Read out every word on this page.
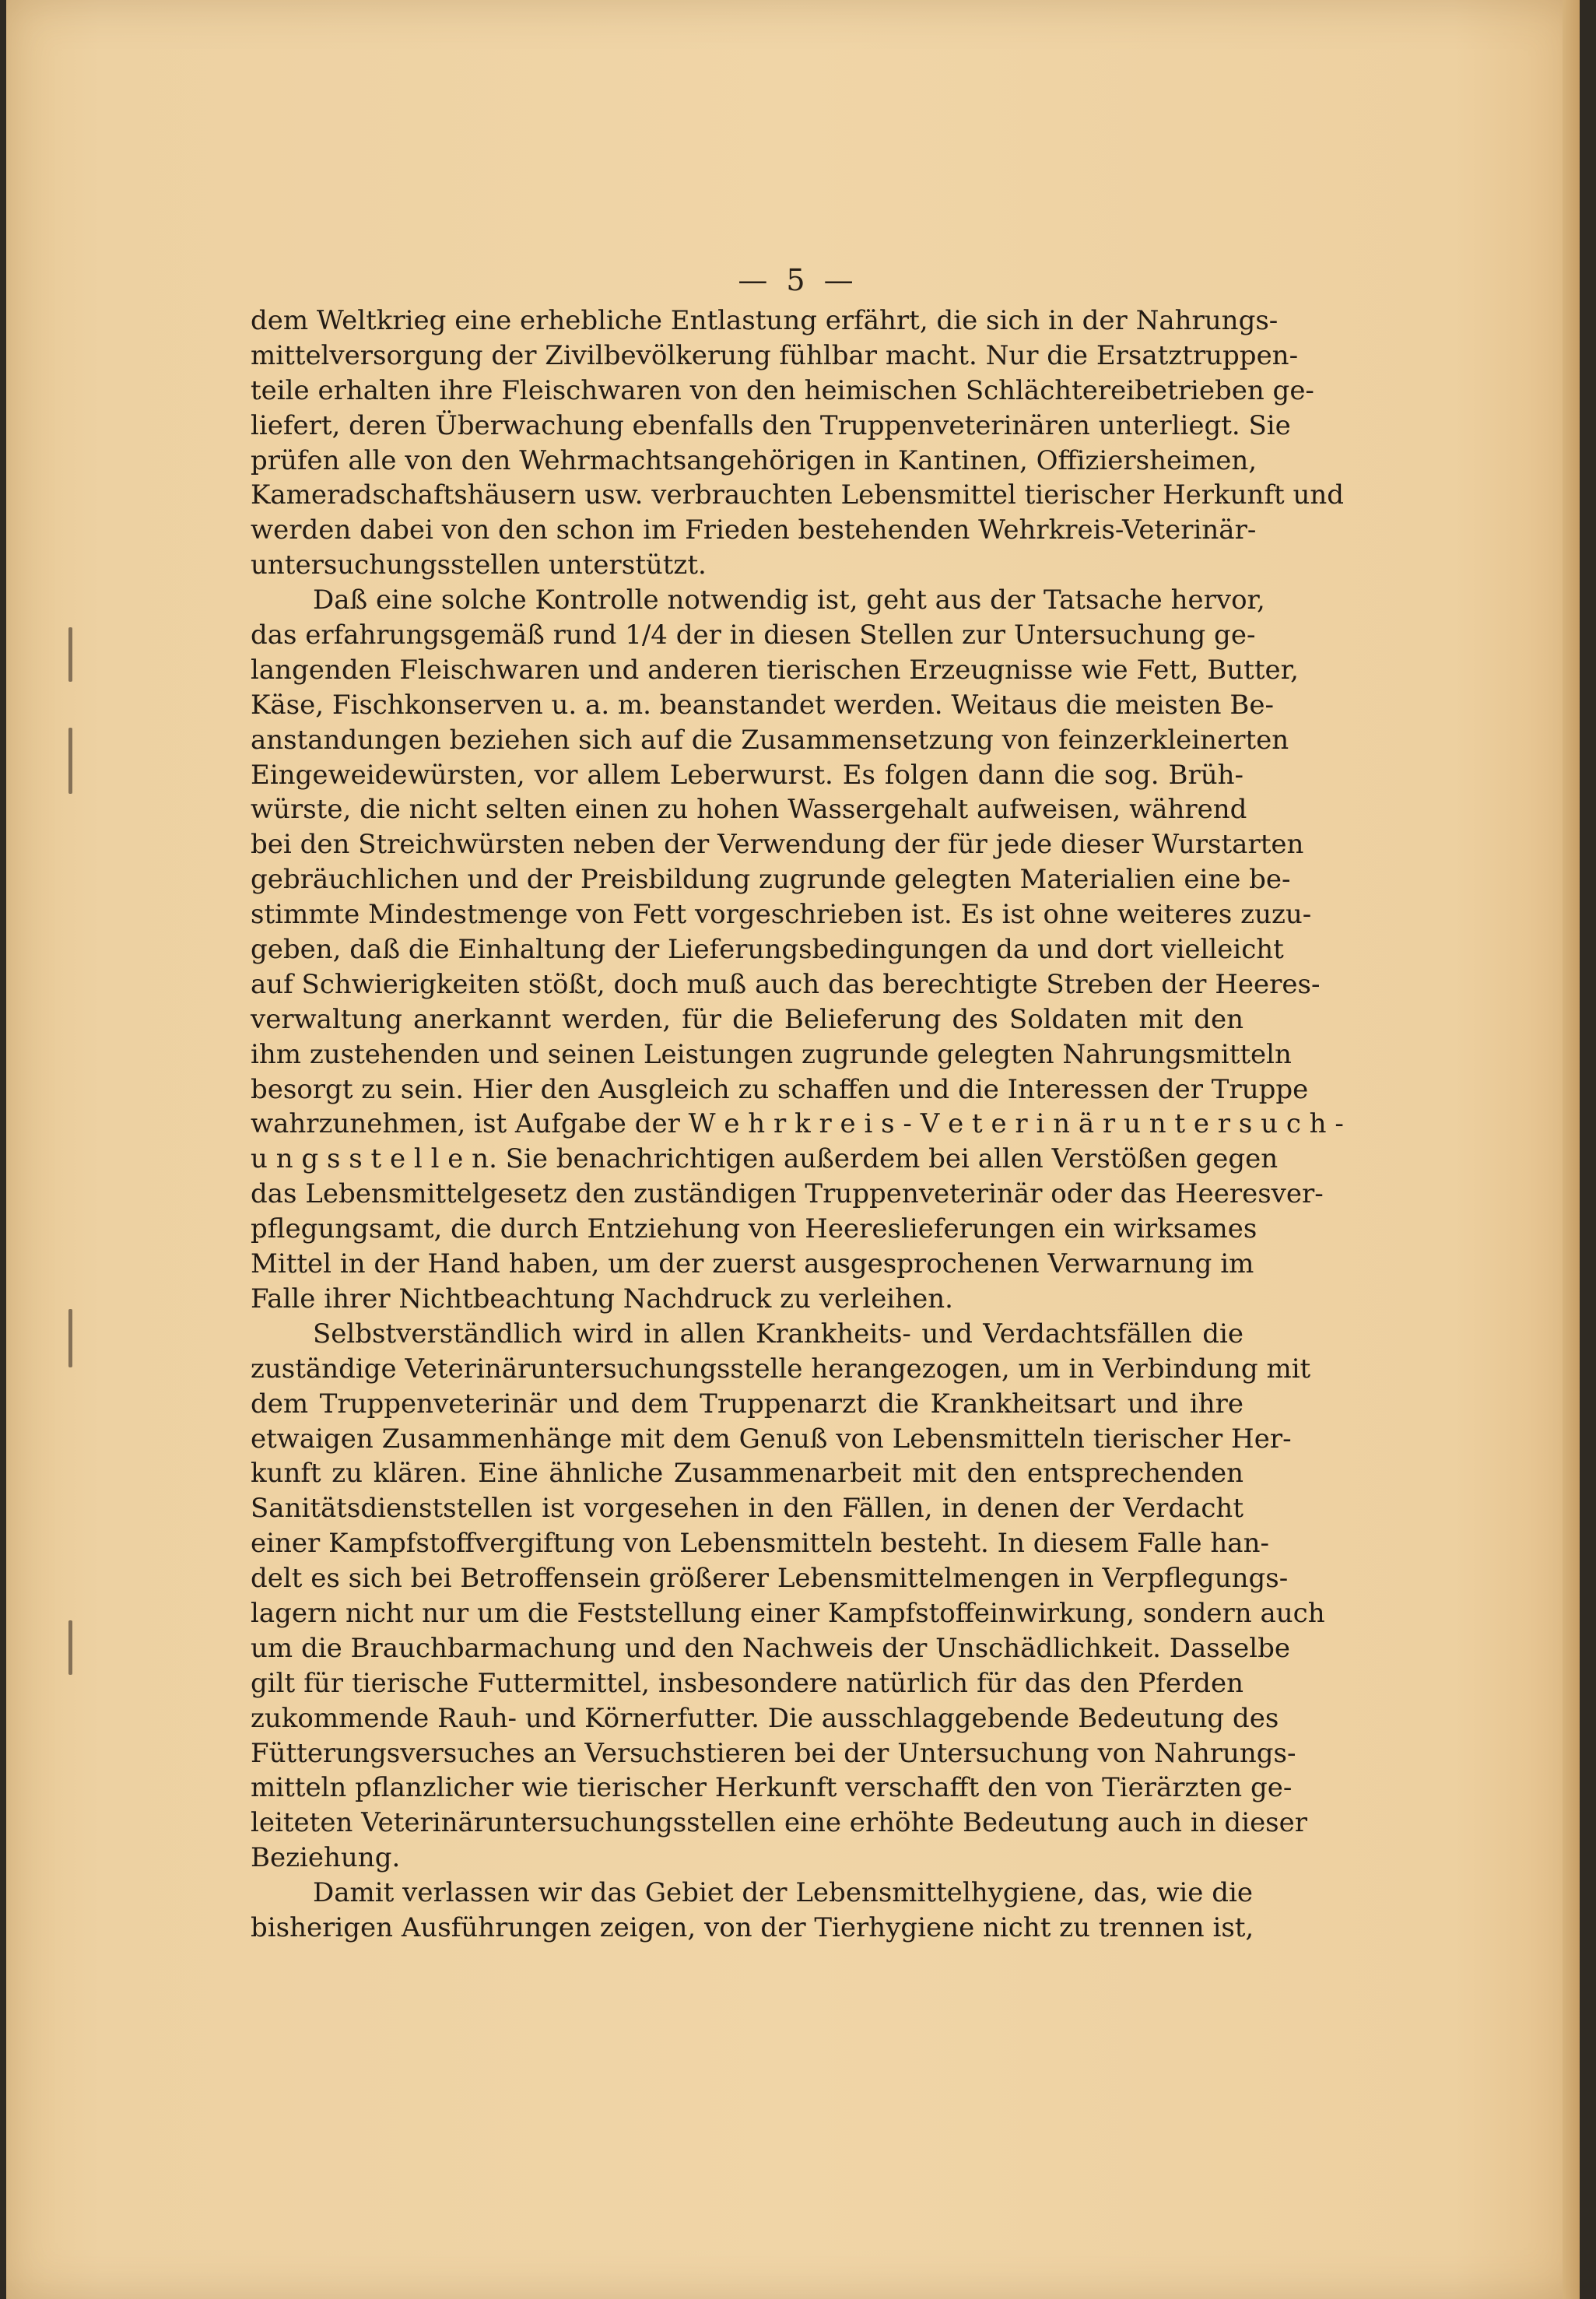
— 5 —
dem Weltkrieg eine erhebliche Entlastung erfährt, die sich in der Nahrungs-
mittelversorgung der Zivilbevölkerung fühlbar macht. Nur die Ersatztruppen-
teile erhalten ihre Fleischwaren von den heimischen Schlächtereibetrieben ge-
liefert, deren Überwachung ebenfalls den Truppenveterinären unterliegt. Sie
prüfen alle von den Wehrmachtsangehörigen in Kantinen, Offiziersheimen,
Kameradschaftshäusern usw. verbrauchten Lebensmittel tierischer Herkunft und
werden dabei von den schon im Frieden bestehenden Wehrkreis-Veterinär-
untersuchungsstellen unterstützt.
Daß eine solche Kontrolle notwendig ist, geht aus der Tatsache hervor,
das erfahrungsgemäß rund 1/4 der in diesen Stellen zur Untersuchung ge-
langenden Fleischwaren und anderen tierischen Erzeugnisse wie Fett, Butter,
Käse, Fischkonserven u. a. m. beanstandet werden. Weitaus die meisten Be-
anstandungen beziehen sich auf die Zusammensetzung von feinzerkleinerten
Eingeweidewürsten, vor allem Leberwurst. Es folgen dann die sog. Brüh-
würste, die nicht selten einen zu hohen Wassergehalt aufweisen, während
bei den Streichwürsten neben der Verwendung der für jede dieser Wurstarten
gebräuchlichen und der Preisbildung zugrunde gelegten Materialien eine be-
stimmte Mindestmenge von Fett vorgeschrieben ist. Es ist ohne weiteres zuzu-
geben, daß die Einhaltung der Lieferungsbedingungen da und dort vielleicht
auf Schwierigkeiten stößt, doch muß auch das berechtigte Streben der Heeres-
verwaltung anerkannt werden, für die Belieferung des Soldaten mit den
ihm zustehenden und seinen Leistungen zugrunde gelegten Nahrungsmitteln
besorgt zu sein. Hier den Ausgleich zu schaffen und die Interessen der Truppe
wahrzunehmen, ist Aufgabe der W e h r k r e i s - V e t e r i n ä r u n t e r s u c h -
u n g s s t e l l e n. Sie benachrichtigen außerdem bei allen Verstößen gegen
das Lebensmittelgesetz den zuständigen Truppenveterinär oder das Heeresver-
pflegungsamt, die durch Entziehung von Heereslieferungen ein wirksames
Mittel in der Hand haben, um der zuerst ausgesprochenen Verwarnung im
Falle ihrer Nichtbeachtung Nachdruck zu verleihen.
Selbstverständlich wird in allen Krankheits- und Verdachtsfällen die
zuständige Veterinäruntersuchungsstelle herangezogen, um in Verbindung mit
dem Truppenveterinär und dem Truppenarzt die Krankheitsart und ihre
etwaigen Zusammenhänge mit dem Genuß von Lebensmitteln tierischer Her-
kunft zu klären. Eine ähnliche Zusammenarbeit mit den entsprechenden
Sanitätsdienststellen ist vorgesehen in den Fällen, in denen der Verdacht
einer Kampfstoffvergiftung von Lebensmitteln besteht. In diesem Falle han-
delt es sich bei Betroffensein größerer Lebensmittelmengen in Verpflegungs-
lagern nicht nur um die Feststellung einer Kampfstoffeinwirkung, sondern auch
um die Brauchbarmachung und den Nachweis der Unschädlichkeit. Dasselbe
gilt für tierische Futtermittel, insbesondere natürlich für das den Pferden
zukommende Rauh- und Körnerfutter. Die ausschlaggebende Bedeutung des
Fütterungsversuches an Versuchstieren bei der Untersuchung von Nahrungs-
mitteln pflanzlicher wie tierischer Herkunft verschafft den von Tierärzten ge-
leiteten Veterinäruntersuchungsstellen eine erhöhte Bedeutung auch in dieser
Beziehung.
Damit verlassen wir das Gebiet der Lebensmittelhygiene, das, wie die
bisherigen Ausführungen zeigen, von der Tierhygiene nicht zu trennen ist,
